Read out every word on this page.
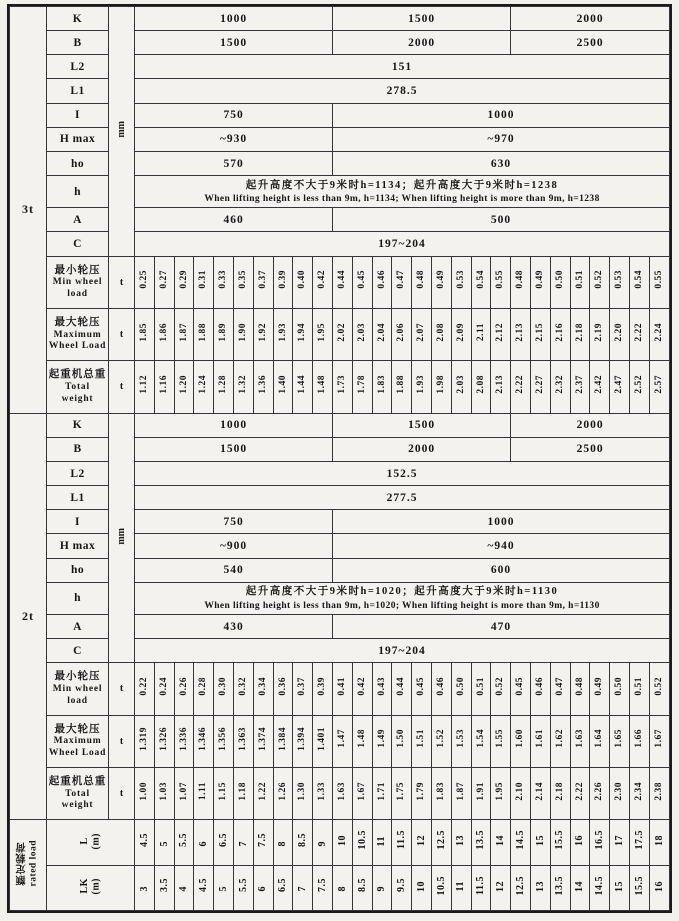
3t	K	mm	1000										1500									2000							
	B		1500										2000									2500							
	L2		151																										
	L1		278.5																										
	I		750										1000																
	H max		~930										~970																
	ho		570										630																
	h		起升高度不大于9米时h=1134；起升高度大于9米时h=1238
When lifting height is less than 9m, h=1134; When lifting height is more than 9m, h=1238																										

	A		460										500																
	C		197~204																										

	最小轮压
Min wheel
load	t	0.25	0.27	0.29	0.31	0.33	0.35	0.37	0.39	0.40	0.42	0.44	0.45	0.46	0.47	0.48	0.49	0.53	0.54	0.55	0.48	0.49	0.50	0.51	0.52	0.53	0.54	0.55

	最大轮压
Maximum
Wheel Load	t	1.85	1.86	1.87	1.88	1.89	1.90	1.92	1.93	1.94	1.95	2.02	2.03	2.04	2.06	2.07	2.08	2.09	2.11	2.12	2.13	2.15	2.16	2.18	2.19	2.20	2.22	2.24

	起重机总重
Total
weight	t	1.12	1.16	1.20	1.24	1.28	1.32	1.36	1.40	1.44	1.48	1.73	1.78	1.83	1.88	1.93	1.98	2.03	2.08	2.13	2.22	2.27	2.32	2.37	2.42	2.47	2.52	2.57

2t	K	mm	1000										1500									2000							
	B		1500										2000									2500							
	L2		152.5																										
	L1		277.5																										
	I		750										1000																
	H max		~900										~940																
	ho		540										600																
	h		起升高度不大于9米时h=1020；起升高度大于9米时h=1130
When lifting height is less than 9m, h=1020; When lifting height is more than 9m, h=1130																										

	A		430										470																
	C		197~204																										

	最小轮压
Min wheel
load	t	0.22	0.24	0.26	0.28	0.30	0.32	0.34	0.36	0.37	0.39	0.41	0.42	0.43	0.44	0.45	0.46	0.50	0.51	0.52	0.45	0.46	0.47	0.48	0.49	0.50	0.51	0.52

	最大轮压
Maximum
Wheel Load	t	1.319	1.326	1.336	1.346	1.356	1.363	1.374	1.384	1.394	1.401	1.47	1.48	1.49	1.50	1.51	1.52	1.53	1.54	1.55	1.60	1.61	1.62	1.63	1.64	1.65	1.66	1.67

	起重机总重
Total
weight	t	1.00	1.03	1.07	1.11	1.15	1.18	1.22	1.26	1.30	1.33	1.63	1.67	1.71	1.75	1.79	1.83	1.87	1.91	1.95	2.10	2.14	2.18	2.22	2.26	2.30	2.34	2.38

额定载荷 rated load	L (m)		4.5	5	5.5	6	6.5	7	7.5	8	8.5	9	10	10.5	11	11.5	12	12.5	13	13.5	14	14.5	15	15.5	16	16.5	17	17.5	18

	LK (m)		3	3.5	4	4.5	5	5.5	6	6.5	7	7.5	8	8.5	9	9.5	10	10.5	11	11.5	12	12.5	13	13.5	14	14.5	15	15.5	16
